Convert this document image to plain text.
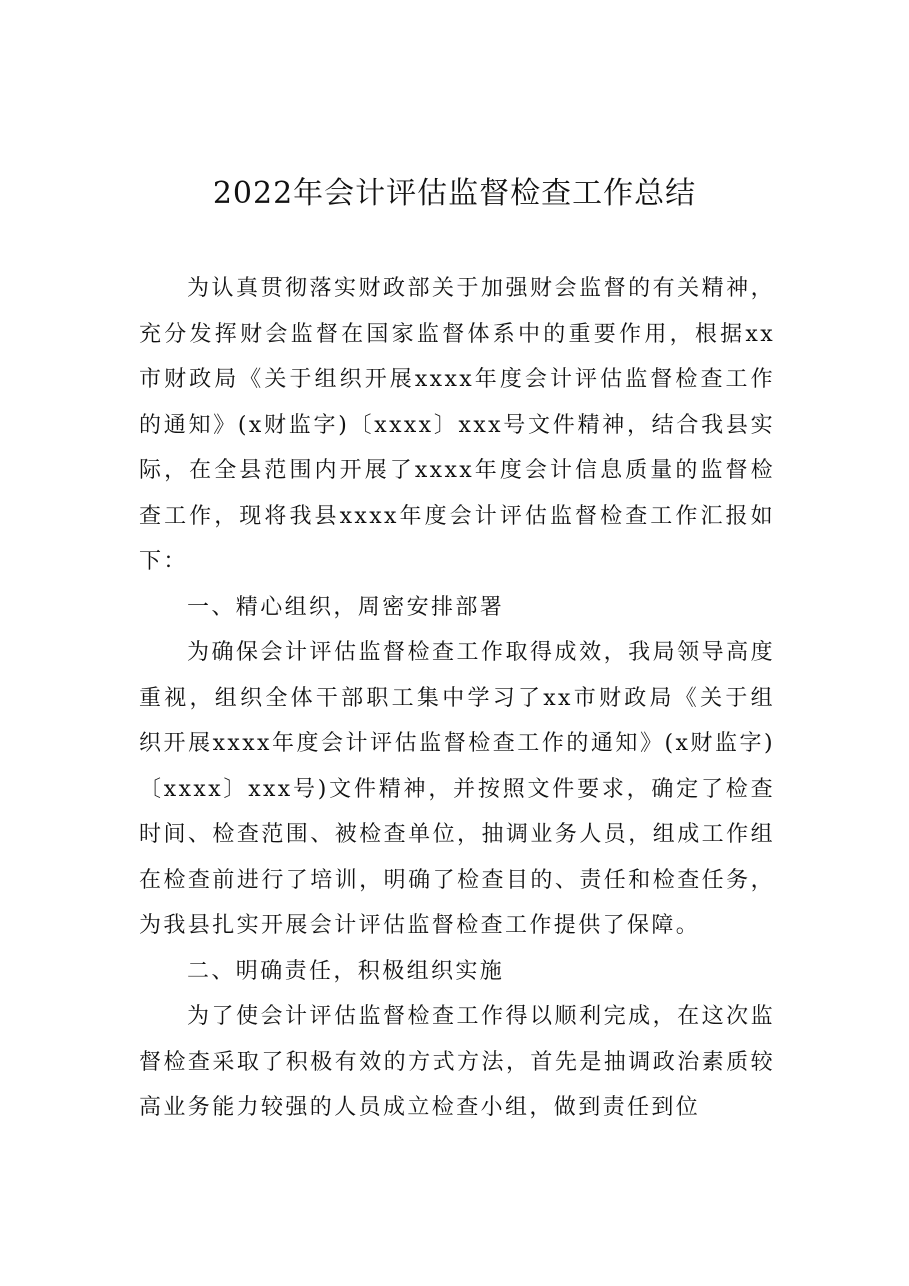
2022年会计评估监督检查工作总结

为认真贯彻落实财政部关于加强财会监督的有关精神，充分发挥财会监督在国家监督体系中的重要作用，根据xx市财政局《关于组织开展xxxx年度会计评估监督检查工作的通知》(x财监字)〔xxxx〕xxx号文件精神，结合我县实际，在全县范围内开展了xxxx年度会计信息质量的监督检查工作，现将我县xxxx年度会计评估监督检查工作汇报如下：

一、精心组织，周密安排部署

为确保会计评估监督检查工作取得成效，我局领导高度重视，组织全体干部职工集中学习了xx市财政局《关于组织开展xxxx年度会计评估监督检查工作的通知》(x财监字)〔xxxx〕xxx号)文件精神，并按照文件要求，确定了检查时间、检查范围、被检查单位，抽调业务人员，组成工作组在检查前进行了培训，明确了检查目的、责任和检查任务，为我县扎实开展会计评估监督检查工作提供了保障。

二、明确责任，积极组织实施

为了使会计评估监督检查工作得以顺利完成，在这次监督检查采取了积极有效的方式方法，首先是抽调政治素质较高业务能力较强的人员成立检查小组，做到责任到位
